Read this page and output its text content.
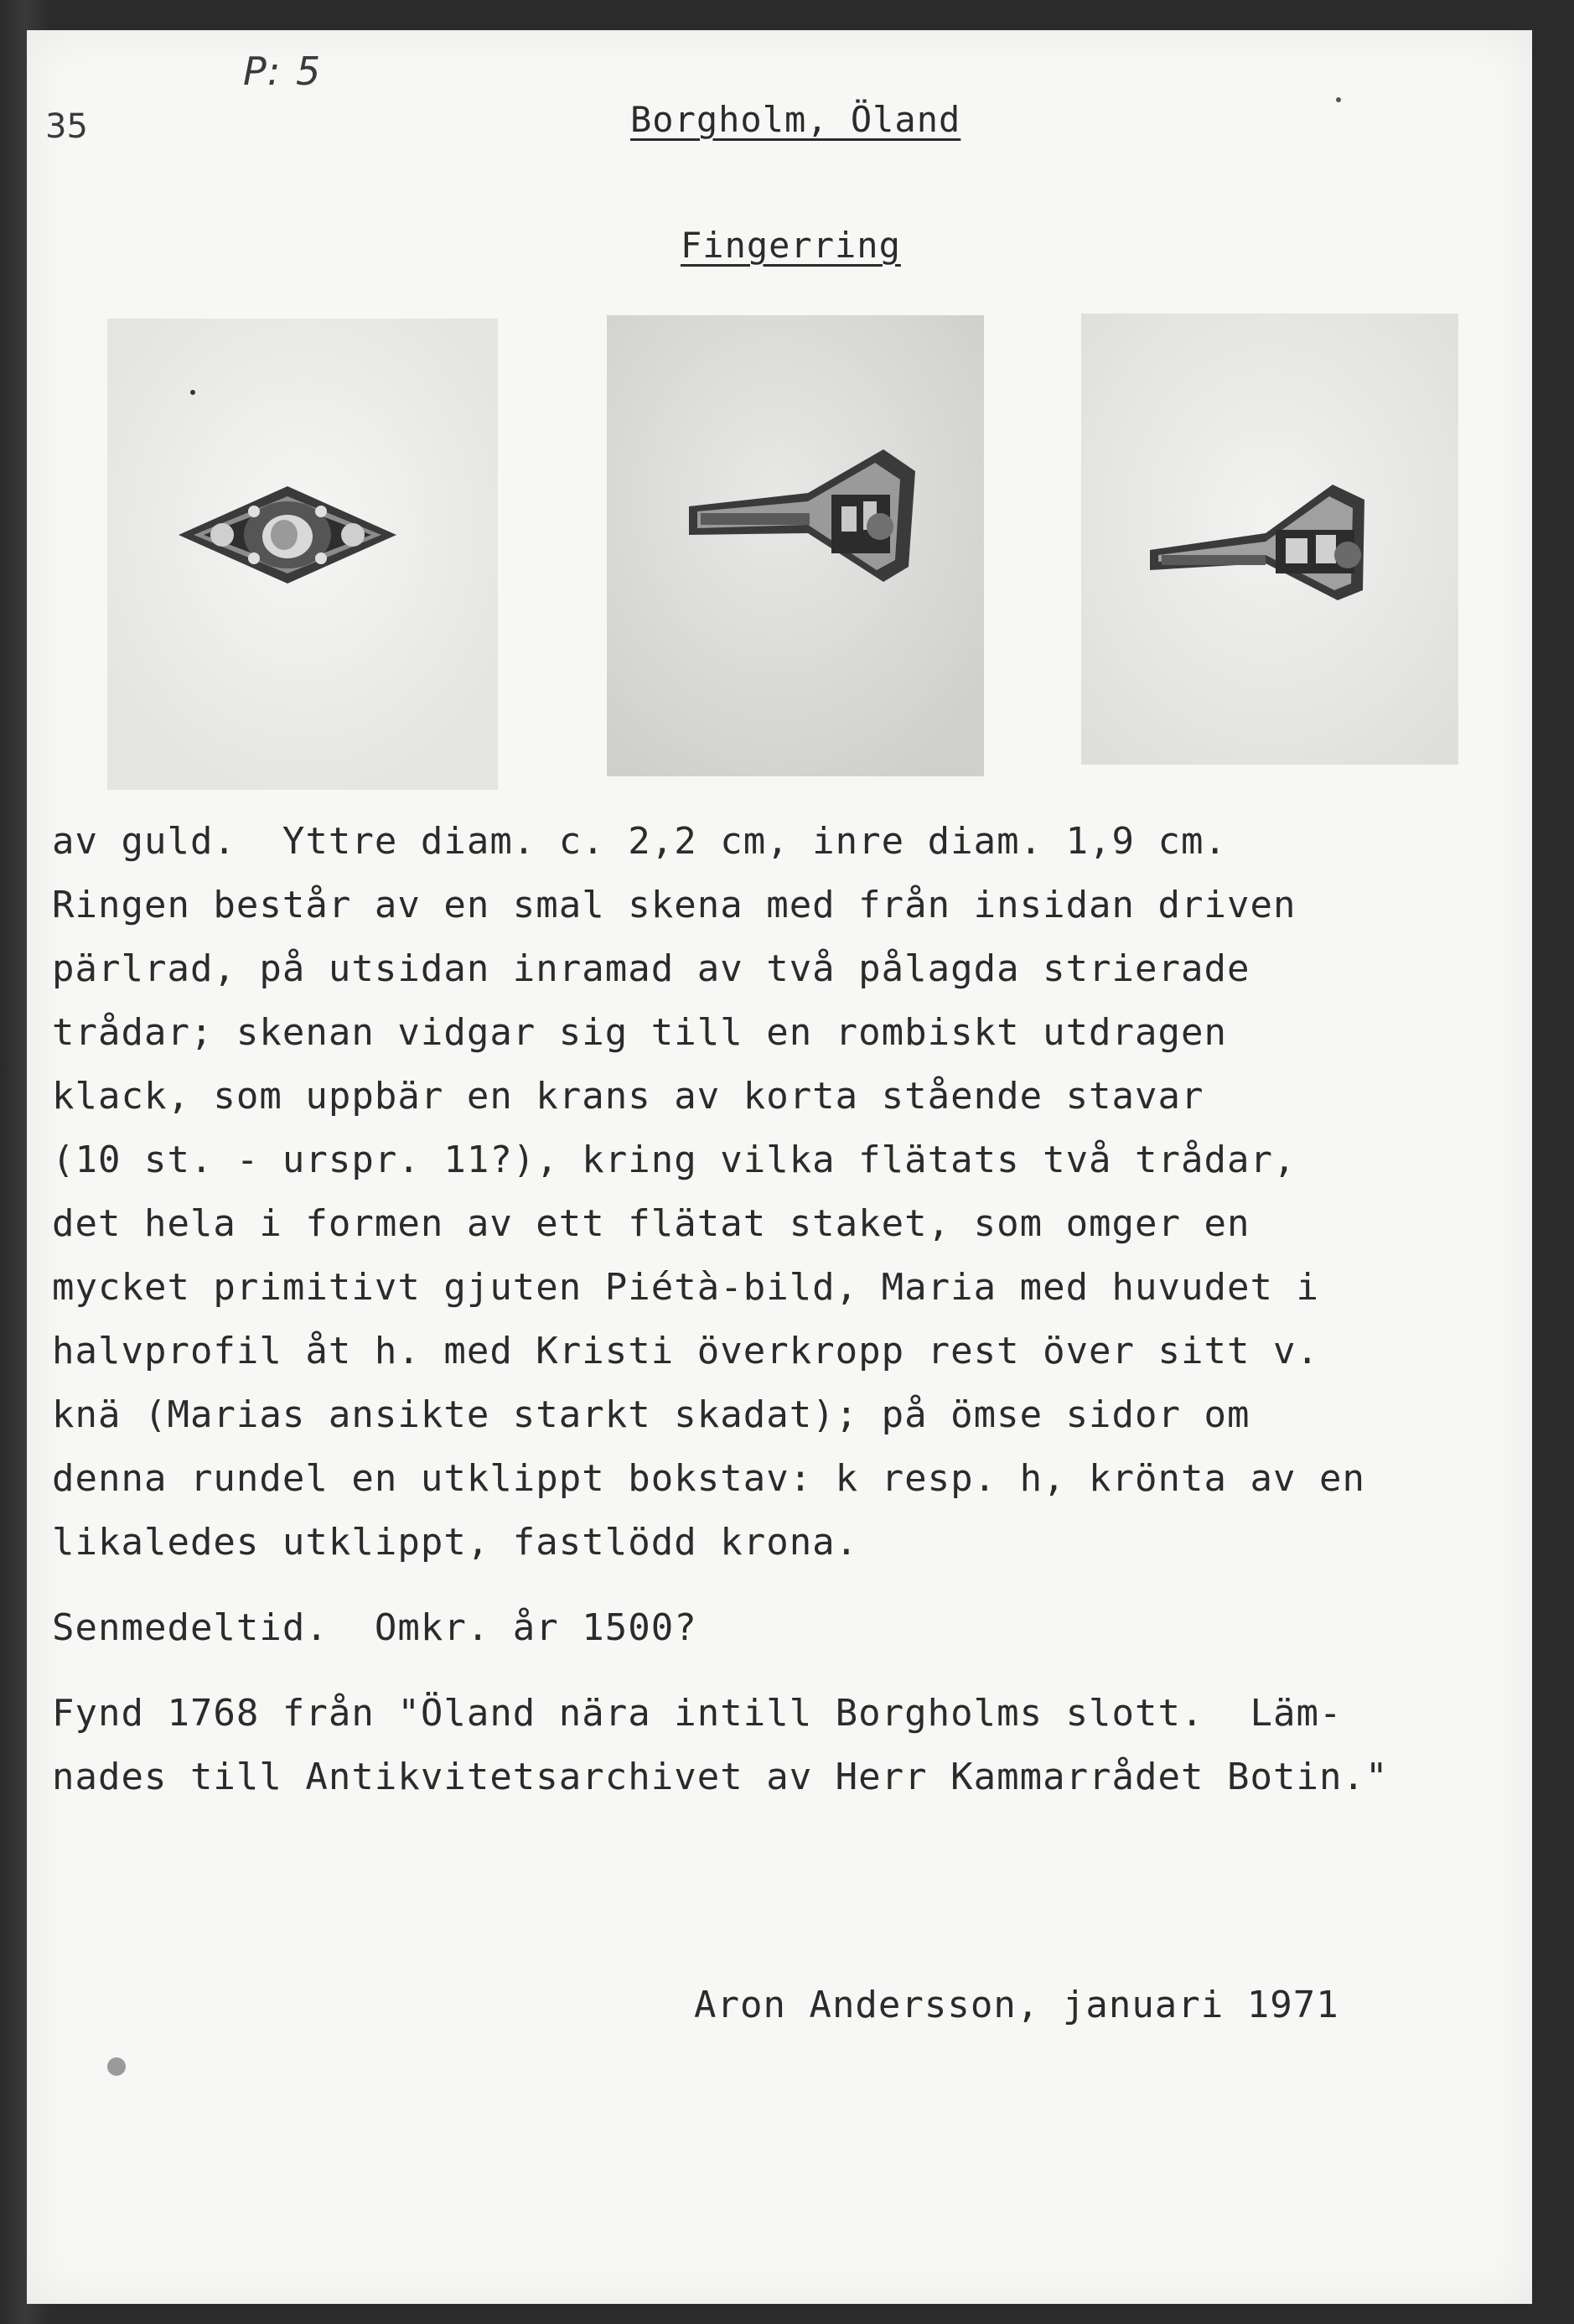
P: 5
35	Borgholm, Öland
Fingerring
av guld.  Yttre diam. c. 2,2 cm, inre diam. 1,9 cm.
Ringen består av en smal skena med från insidan driven
pärlrad, på utsidan inramad av två pålagda strierade
trådar; skenan vidgar sig till en rombiskt utdragen
klack, som uppbär en krans av korta stående stavar
(10 st. - urspr. 11?), kring vilka flätats två trådar,
det hela i formen av ett flätat staket, som omger en
mycket primitivt gjuten Piétà-bild, Maria med huvudet i
halvprofil åt h. med Kristi överkropp rest över sitt v.
knä (Marias ansikte starkt skadat); på ömse sidor om
denna rundel en utklippt bokstav: k resp. h, krönta av en
likaledes utklippt, fastlödd krona.
Senmedeltid.  Omkr. år 1500?
Fynd 1768 från "Öland nära intill Borgholms slott.  Läm-
nades till Antikvitetsarchivet av Herr Kammarrådet Botin."
Aron Andersson, januari 1971
